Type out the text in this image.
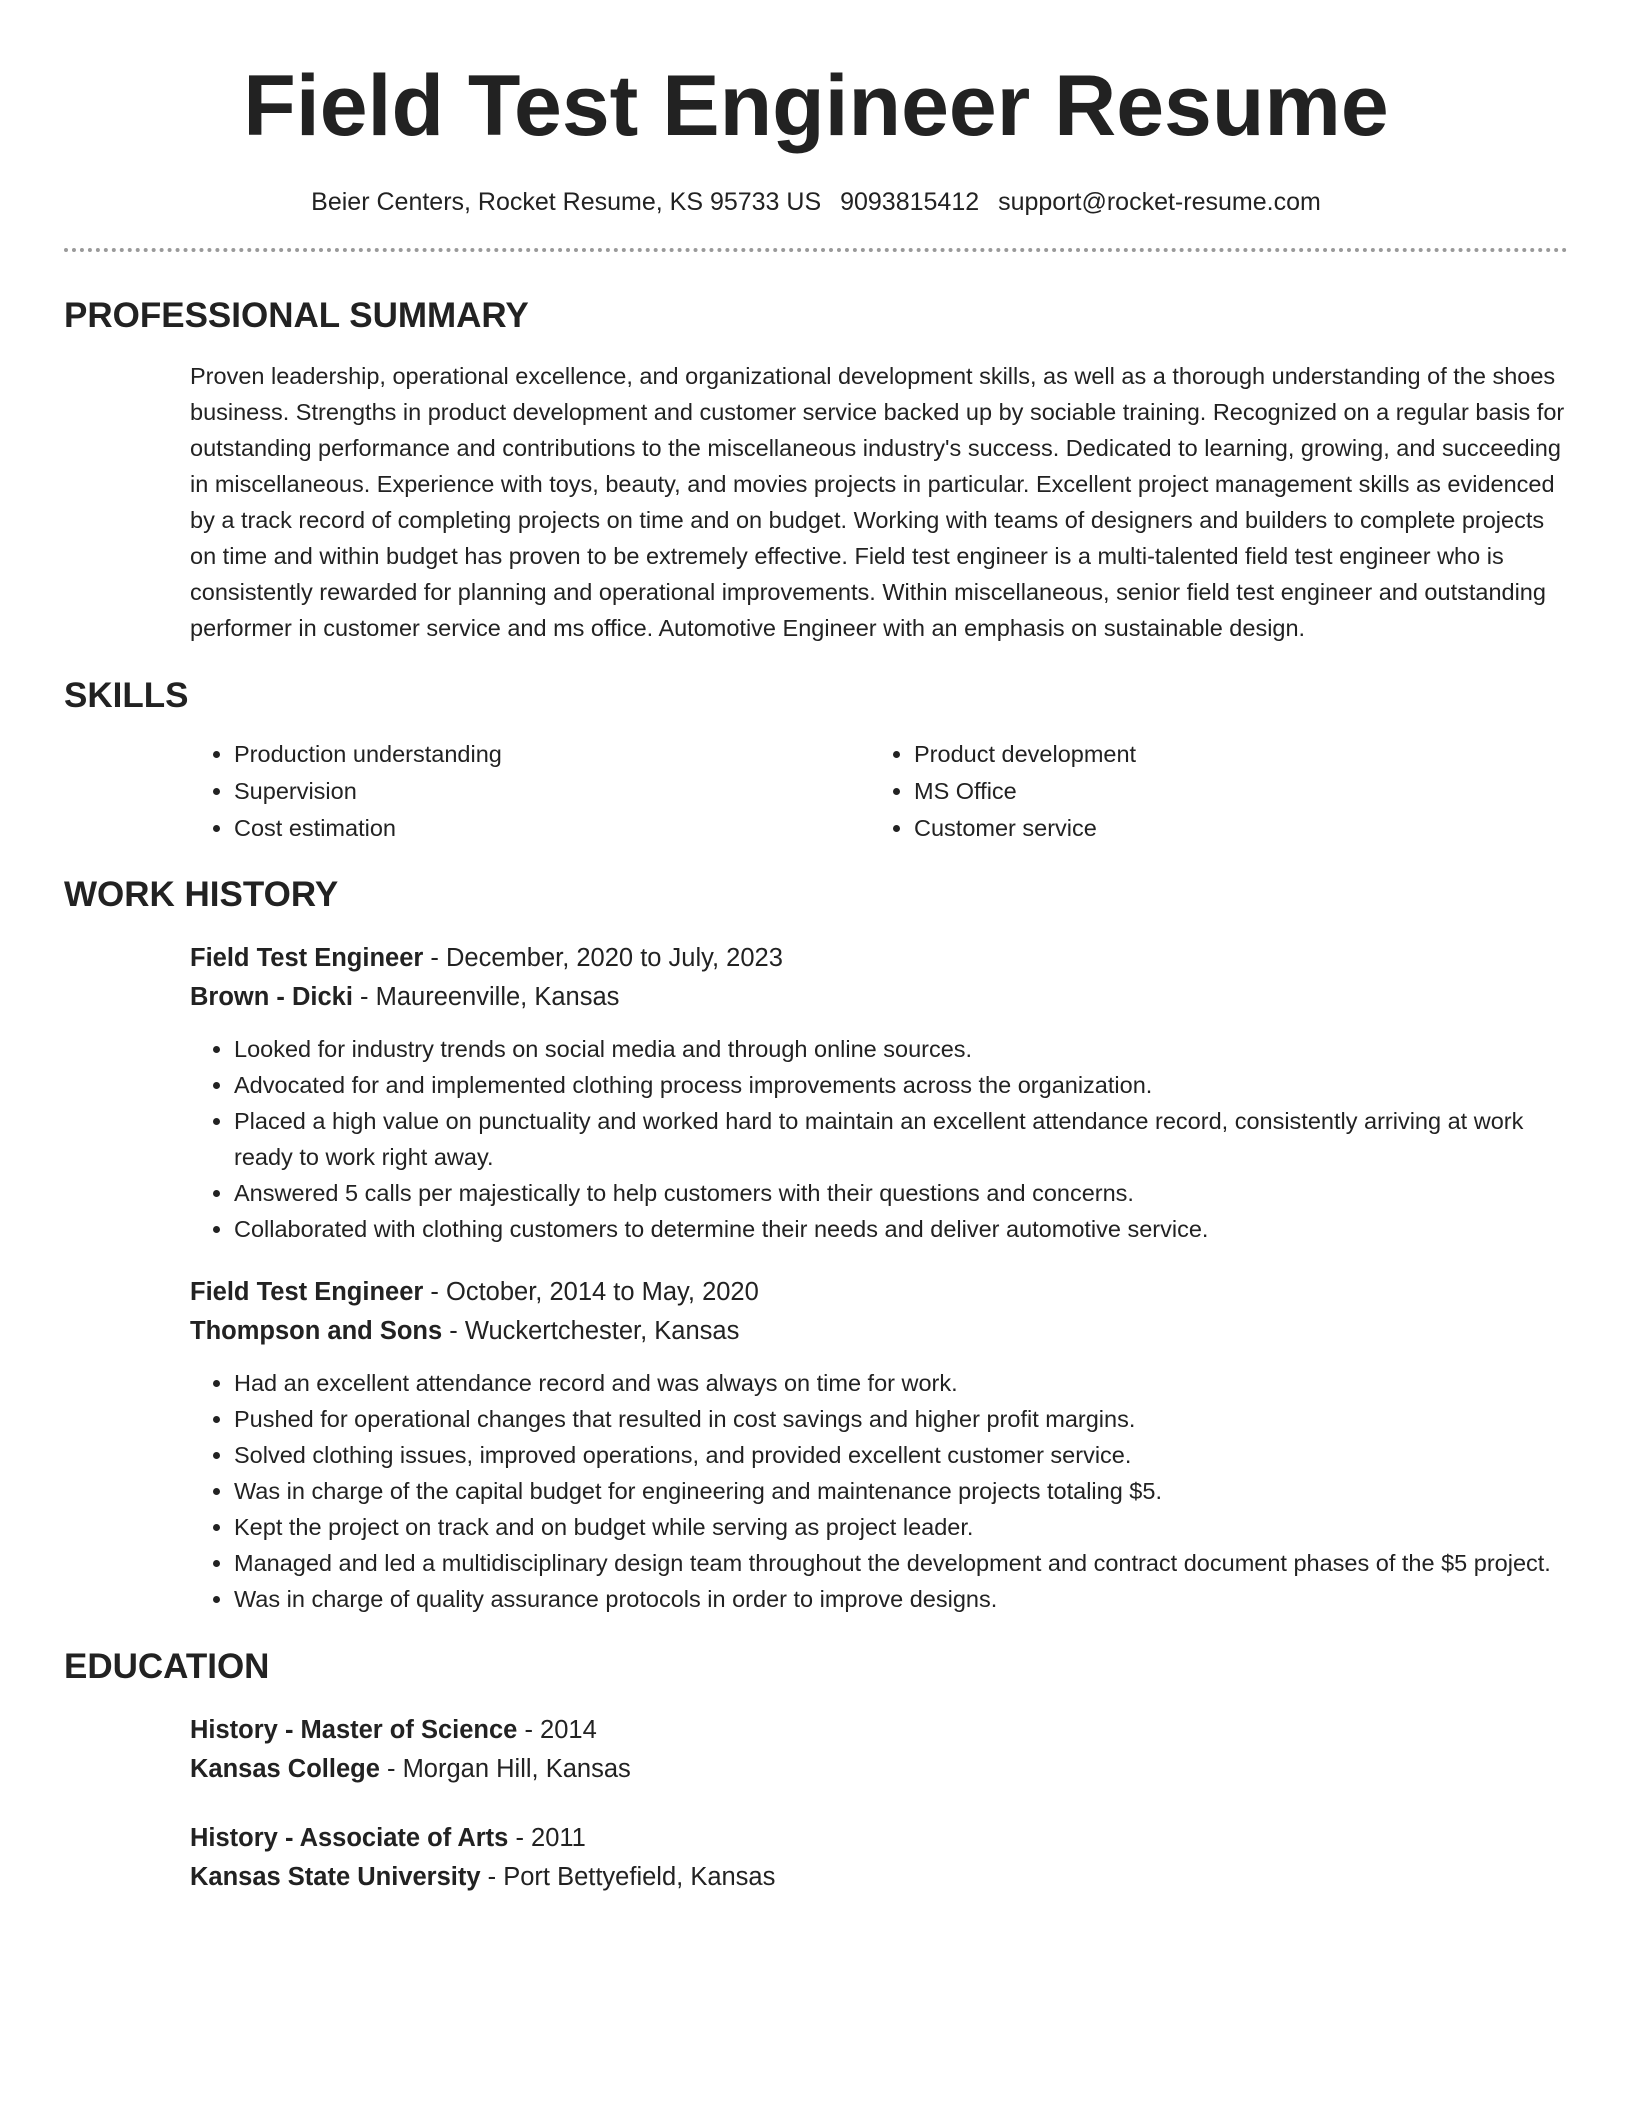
Field Test Engineer Resume
Beier Centers, Rocket Resume, KS 95733 US 9093815412 support@rocket-resume.com
PROFESSIONAL SUMMARY

Proven leadership, operational excellence, and organizational development skills, as well as a thorough understanding of the shoes business. Strengths in product development and customer service backed up by sociable training. Recognized on a regular basis for outstanding performance and contributions to the miscellaneous industry's success. Dedicated to learning, growing, and succeeding in miscellaneous. Experience with toys, beauty, and movies projects in particular. Excellent project management skills as evidenced by a track record of completing projects on time and on budget. Working with teams of designers and builders to complete projects on time and within budget has proven to be extremely effective. Field test engineer is a multi-talented field test engineer who is consistently rewarded for planning and operational improvements. Within miscellaneous, senior field test engineer and outstanding performer in customer service and ms office. Automotive Engineer with an emphasis on sustainable design.

SKILLS
• Production understanding
• Supervision
• Cost estimation
• Product development
• MS Office
• Customer service
WORK HISTORY
Field Test Engineer - December, 2020 to July, 2023
Brown - Dicki - Maureenville, Kansas
• Looked for industry trends on social media and through online sources.
• Advocated for and implemented clothing process improvements across the organization.
• Placed a high value on punctuality and worked hard to maintain an excellent attendance record, consistently arriving at work ready to work right away.
• Answered 5 calls per majestically to help customers with their questions and concerns.
• Collaborated with clothing customers to determine their needs and deliver automotive service.
Field Test Engineer - October, 2014 to May, 2020
Thompson and Sons - Wuckertchester, Kansas
• Had an excellent attendance record and was always on time for work.
• Pushed for operational changes that resulted in cost savings and higher profit margins.
• Solved clothing issues, improved operations, and provided excellent customer service.
• Was in charge of the capital budget for engineering and maintenance projects totaling $5.
• Kept the project on track and on budget while serving as project leader.
• Managed and led a multidisciplinary design team throughout the development and contract document phases of the $5 project.
• Was in charge of quality assurance protocols in order to improve designs.
EDUCATION
History - Master of Science - 2014
Kansas College - Morgan Hill, Kansas
History - Associate of Arts - 2011
Kansas State University - Port Bettyefield, Kansas
